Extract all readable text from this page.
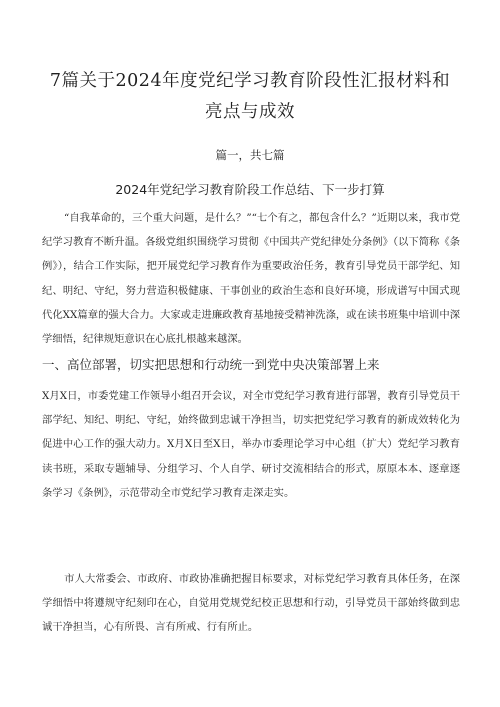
7篇关于2024年度党纪学习教育阶段性汇报材料和
亮点与成效
篇一，共七篇
2024年党纪学习教育阶段工作总结、下一步打算

“自我革命的，三个重大问题，是什么？”“七个有之，都包含什么？”近期以来，我市党纪学习教育不断升温。各级党组织围绕学习贯彻《中国共产党纪律处分条例》（以下简称《条例》），结合工作实际，把开展党纪学习教育作为重要政治任务，教育引导党员干部学纪、知纪、明纪、守纪，努力营造积极健康、干事创业的政治生态和良好环境，形成谱写中国式现代化XX篇章的强大合力。大家或走进廉政教育基地接受精神洗涤，或在读书班集中培训中深学细悟，纪律规矩意识在心底扎根越来越深。

一、高位部署，切实把思想和行动统一到党中央决策部署上来

X月X日，市委党建工作领导小组召开会议，对全市党纪学习教育进行部署，教育引导党员干部学纪、知纪、明纪、守纪，始终做到忠诚干净担当，切实把党纪学习教育的新成效转化为促进中心工作的强大动力。X月X日至X日，举办市委理论学习中心组（扩大）党纪学习教育读书班，采取专题辅导、分组学习、个人自学、研讨交流相结合的形式，原原本本、逐章逐条学习《条例》，示范带动全市党纪学习教育走深走实。

市人大常委会、市政府、市政协准确把握目标要求，对标党纪学习教育具体任务，在深学细悟中将遵规守纪刻印在心，自觉用党规党纪校正思想和行动，引导党员干部始终做到忠诚干净担当，心有所畏、言有所戒、行有所止。
